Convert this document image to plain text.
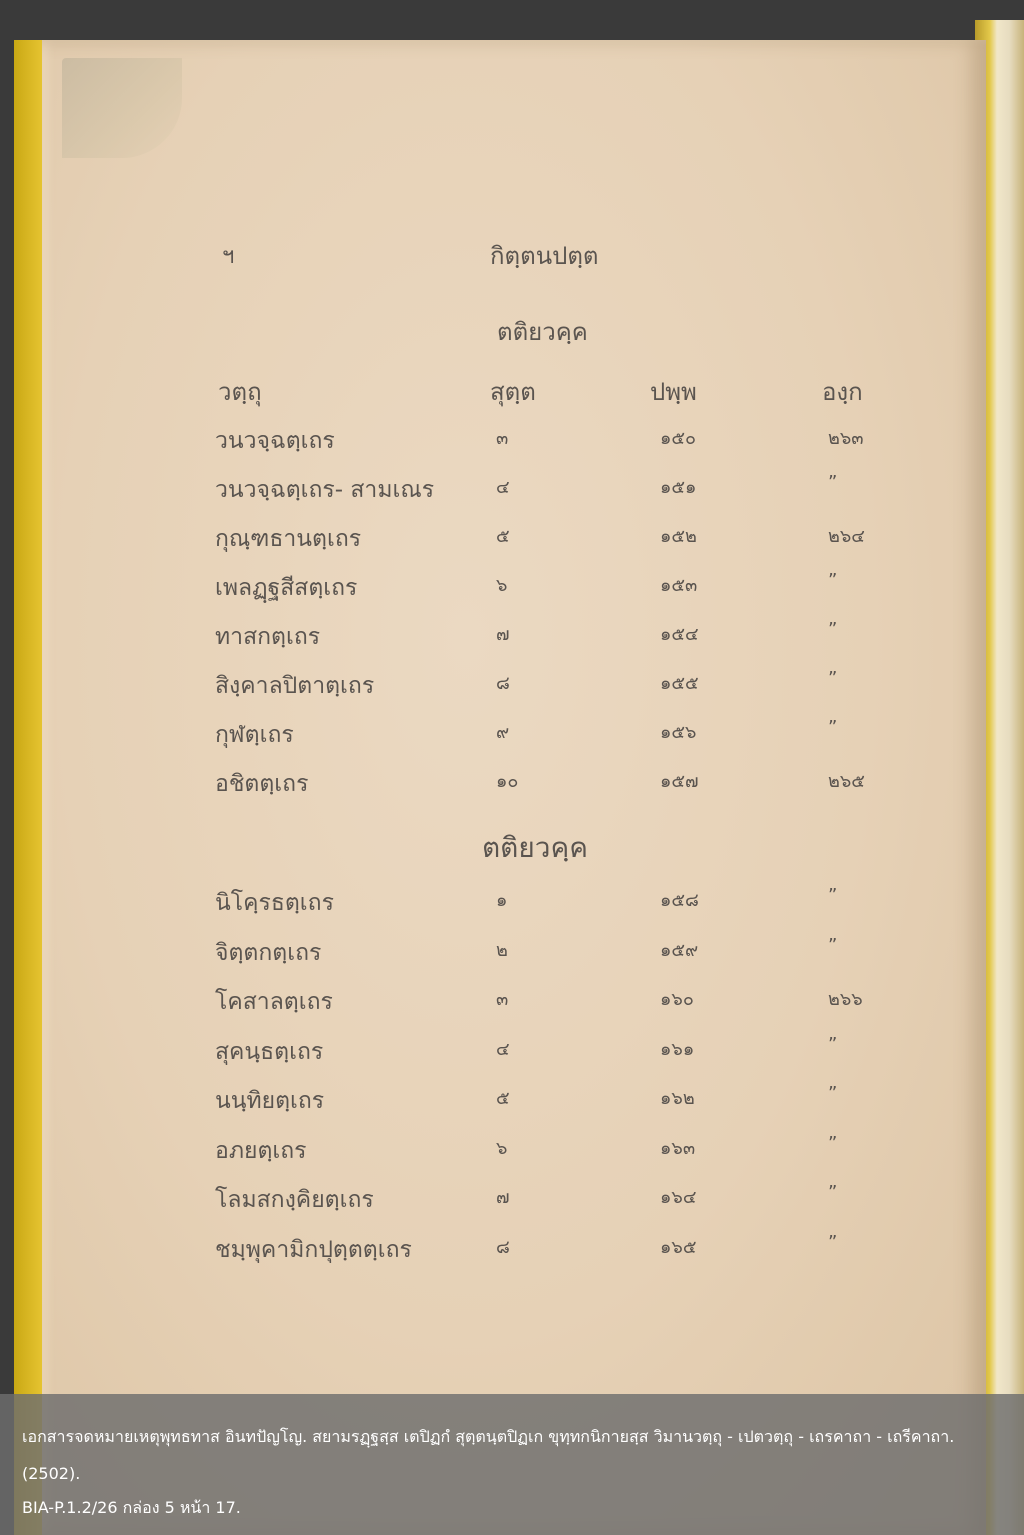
ฯ	กิตฺตนปตฺต
ตติยวคฺค
วตฺถุ	สุตฺต	ปพฺพ	องฺก
วนวจฺฉตฺเถร	๓	๑๕๐	๒๖๓
วนวจฺฉตฺเถร- สามเณร	๔	๑๕๑	”
กุณฺฑธานตฺเถร	๕	๑๕๒	๒๖๔
เพลฏฺฐสีสตฺเถร	๖	๑๕๓	”
ทาสกตฺเถร	๗	๑๕๔	”
สิงฺคาลปิตาตฺเถร	๘	๑๕๕	”
กุฬตฺเถร	๙	๑๕๖	”
อชิตตฺเถร	๑๐	๑๕๗	๒๖๕
ตติยวคฺค
นิโคฺรธตฺเถร	๑	๑๕๘	”
จิตฺตกตฺเถร	๒	๑๕๙	”
โคสาลตฺเถร	๓	๑๖๐	๒๖๖
สุคนฺธตฺเถร	๔	๑๖๑	”
นนฺทิยตฺเถร	๕	๑๖๒	”
อภยตฺเถร	๖	๑๖๓	”
โลมสกงฺคิยตฺเถร	๗	๑๖๔	”
ชมฺพุคามิกปุตฺตตฺเถร	๘	๑๖๕	”
เอกสารจดหมายเหตุพุทธทาส อินทปัญโญ. สยามรฏฺฐสฺส เตปิฏกํ สุตฺตนฺตปิฏเก ขุทฺทกนิกายสฺส วิมานวตฺถุ - เปตวตฺถุ - เถรคาถา - เถรีคาถา. (2502).
BIA-P.1.2/26 กล่อง 5 หน้า 17.
